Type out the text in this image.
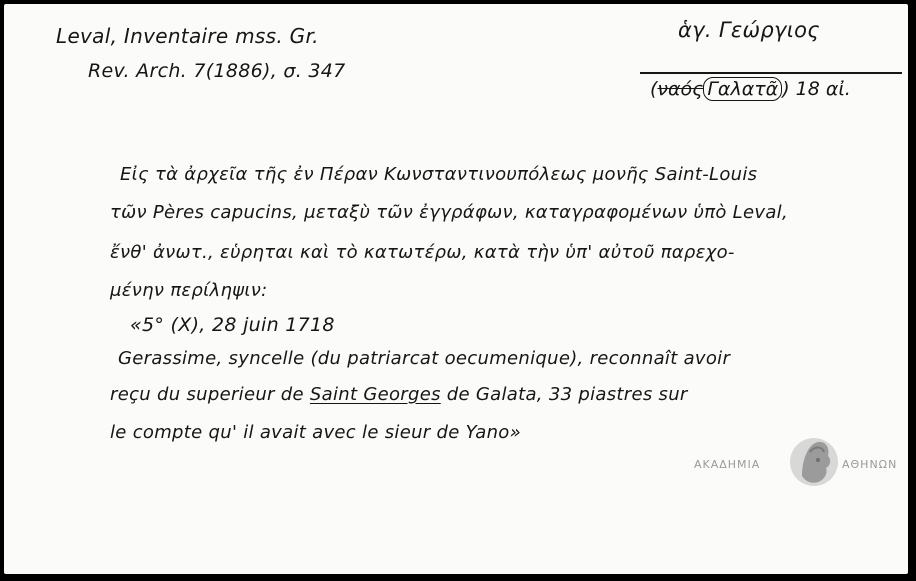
Leval, Inventaire mss. Gr.
Rev. Arch. 7(1886), σ. 347
ἁγ. Γεώργιος
(ναός Γαλατᾶ ) 18 αἰ.
Εἰς τὰ ἀρχεῖα τῆς ἐν Πέραν Κωνσταντινουπόλεως μονῆς Saint-Louis
τῶν Pères capucins, μεταξὺ τῶν ἐγγράφων, καταγραφομένων ὑπὸ Leval,
ἔνθ' ἀνωτ., εὑρηται καὶ τὸ κατωτέρω, κατὰ τὴν ὑπ' αὐτοῦ παρεχο-
μένην περίληψιν:
«5° (X), 28 juin 1718
Gerassime, syncelle (du patriarcat oecumenique), reconnaît avoir
reçu du superieur de Saint Georges de Galata, 33 piastres sur
le compte qu' il avait avec le sieur de Yano»
ΑΚΑΔΗΜΙΑ	ΑΘΗΝΩΝ
